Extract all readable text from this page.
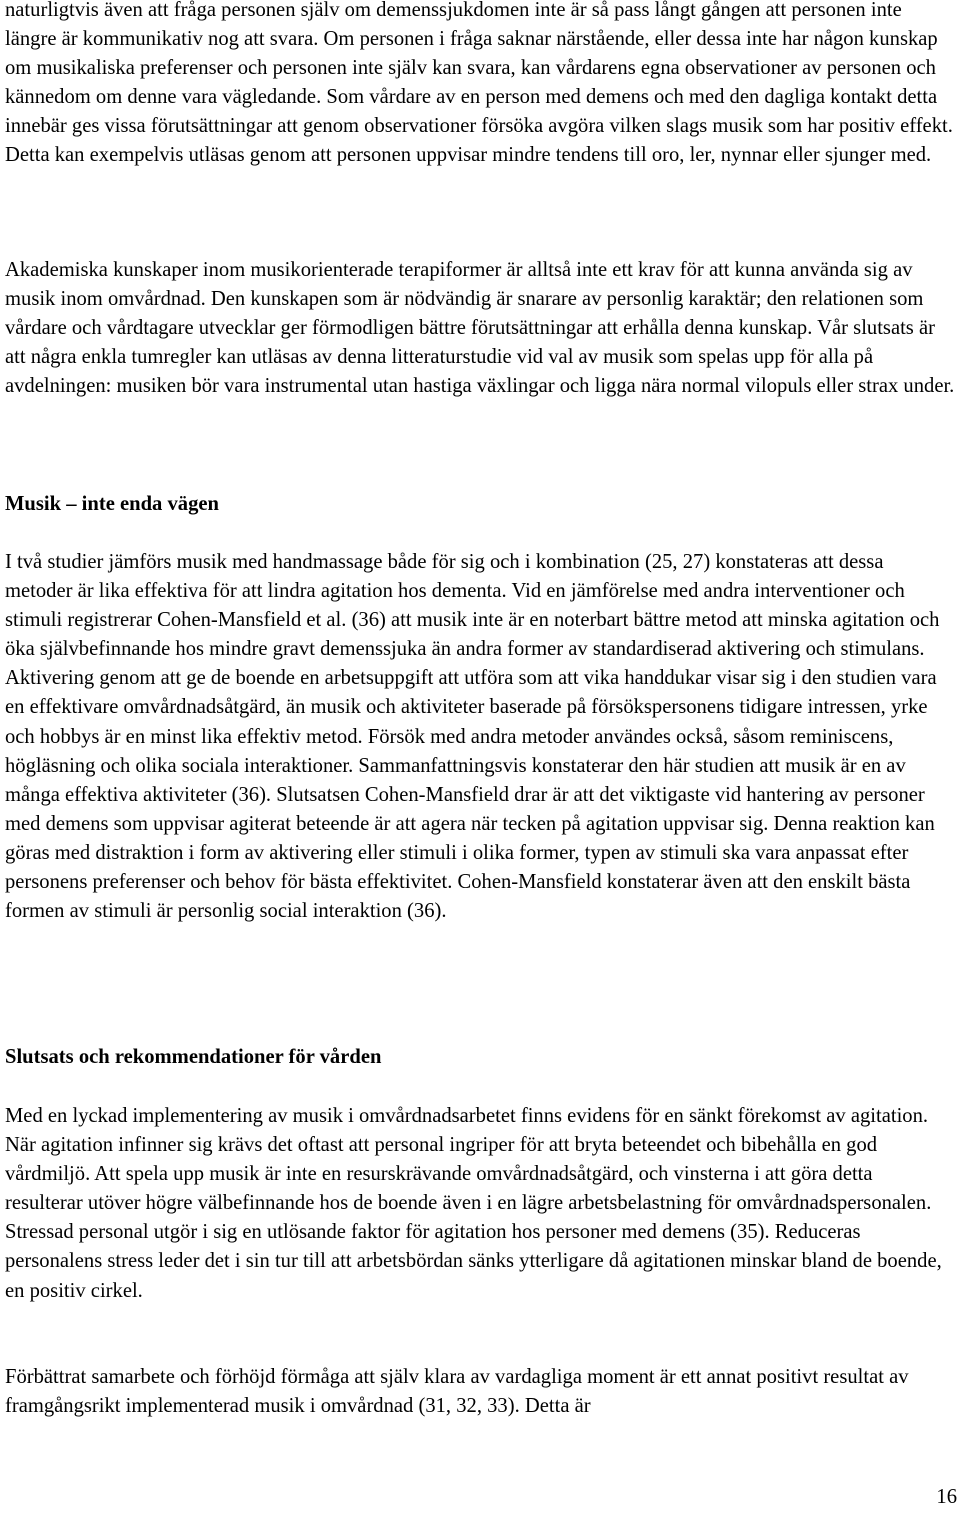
naturligtvis även att fråga personen själv om demenssjukdomen inte är så pass långt gången att personen inte längre är kommunikativ nog att svara. Om personen i fråga saknar närstående, eller dessa inte har någon kunskap om musikaliska preferenser och personen inte själv kan svara, kan vårdarens egna observationer av personen och kännedom om denne vara vägledande. Som vårdare av en person med demens och med den dagliga kontakt detta innebär ges vissa förutsättningar att genom observationer försöka avgöra vilken slags musik som har positiv effekt. Detta kan exempelvis utläsas genom att personen uppvisar mindre tendens till oro, ler, nynnar eller sjunger med.

Akademiska kunskaper inom musikorienterade terapiformer är alltså inte ett krav för att kunna använda sig av musik inom omvårdnad. Den kunskapen som är nödvändig är snarare av personlig karaktär; den relationen som vårdare och vårdtagare utvecklar ger förmodligen bättre förutsättningar att erhålla denna kunskap. Vår slutsats är att några enkla tumregler kan utläsas av denna litteraturstudie vid val av musik som spelas upp för alla på avdelningen: musiken bör vara instrumental utan hastiga växlingar och ligga nära normal vilopuls eller strax under.

Musik – inte enda vägen

I två studier jämförs musik med handmassage både för sig och i kombination (25, 27) konstateras att dessa metoder är lika effektiva för att lindra agitation hos dementa. Vid en jämförelse med andra interventioner och stimuli registrerar Cohen-Mansfield et al. (36) att musik inte är en noterbart bättre metod att minska agitation och öka självbefinnande hos mindre gravt demenssjuka än andra former av standardiserad aktivering och stimulans. Aktivering genom att ge de boende en arbetsuppgift att utföra som att vika handdukar visar sig i den studien vara en effektivare omvårdnadsåtgärd, än musik och aktiviteter baserade på försökspersonens tidigare intressen, yrke och hobbys är en minst lika effektiv metod. Försök med andra metoder användes också, såsom reminiscens, högläsning och olika sociala interaktioner. Sammanfattningsvis konstaterar den här studien att musik är en av många effektiva aktiviteter (36). Slutsatsen Cohen-Mansfield drar är att det viktigaste vid hantering av personer med demens som uppvisar agiterat beteende är att agera när tecken på agitation uppvisar sig. Denna reaktion kan göras med distraktion i form av aktivering eller stimuli i olika former, typen av stimuli ska vara anpassat efter personens preferenser och behov för bästa effektivitet. Cohen-Mansfield konstaterar även att den enskilt bästa formen av stimuli är personlig social interaktion (36).

Slutsats och rekommendationer för vården

Med en lyckad implementering av musik i omvårdnadsarbetet finns evidens för en sänkt förekomst av agitation. När agitation infinner sig krävs det oftast att personal ingriper för att bryta beteendet och bibehålla en god vårdmiljö. Att spela upp musik är inte en resurskrävande omvårdnadsåtgärd, och vinsterna i att göra detta resulterar utöver högre välbefinnande hos de boende även i en lägre arbetsbelastning för omvårdnadspersonalen. Stressad personal utgör i sig en utlösande faktor för agitation hos personer med demens (35). Reduceras personalens stress leder det i sin tur till att arbetsbördan sänks ytterligare då agitationen minskar bland de boende, en positiv cirkel.

Förbättrat samarbete och förhöjd förmåga att själv klara av vardagliga moment är ett annat positivt resultat av framgångsrikt implementerad musik i omvårdnad (31, 32, 33). Detta är

16
